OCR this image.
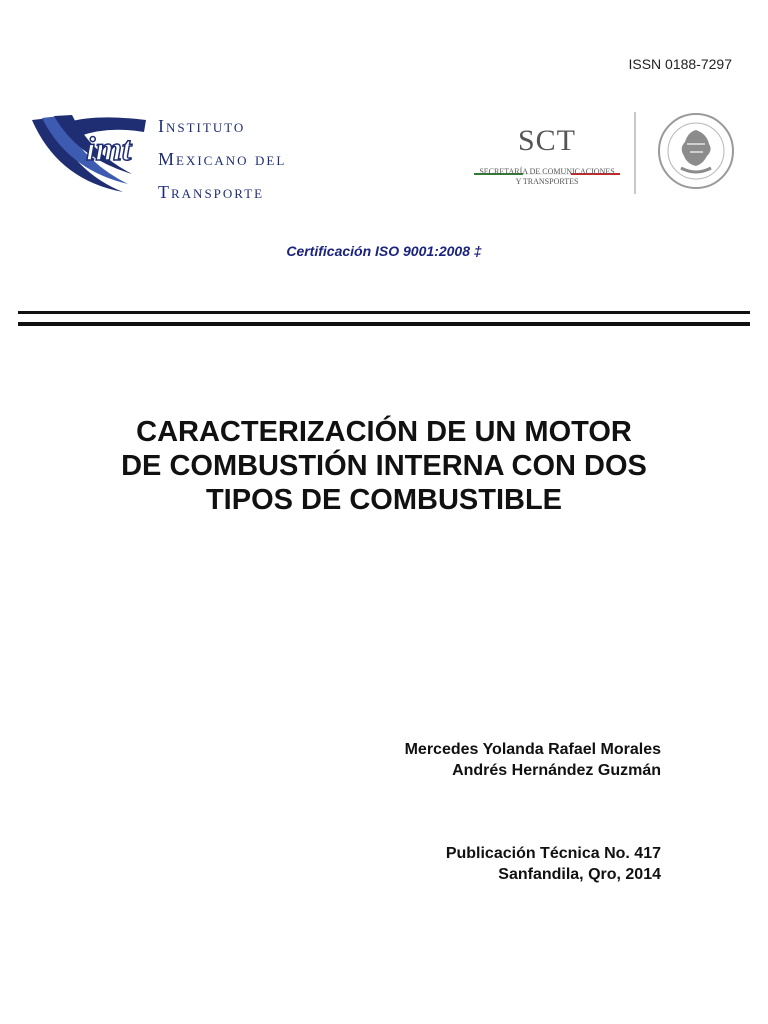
ISSN 0188-7297
imt
Instituto
Mexicano del
Transporte
SCT
SECRETARÍA DE COMUNICACIONES
Y TRANSPORTES
Certificación ISO 9001:2008 ‡
CARACTERIZACIÓN DE UN MOTOR
DE COMBUSTIÓN INTERNA CON DOS
TIPOS DE COMBUSTIBLE
Mercedes Yolanda Rafael Morales
Andrés Hernández Guzmán
Publicación Técnica No. 417
Sanfandila, Qro, 2014
